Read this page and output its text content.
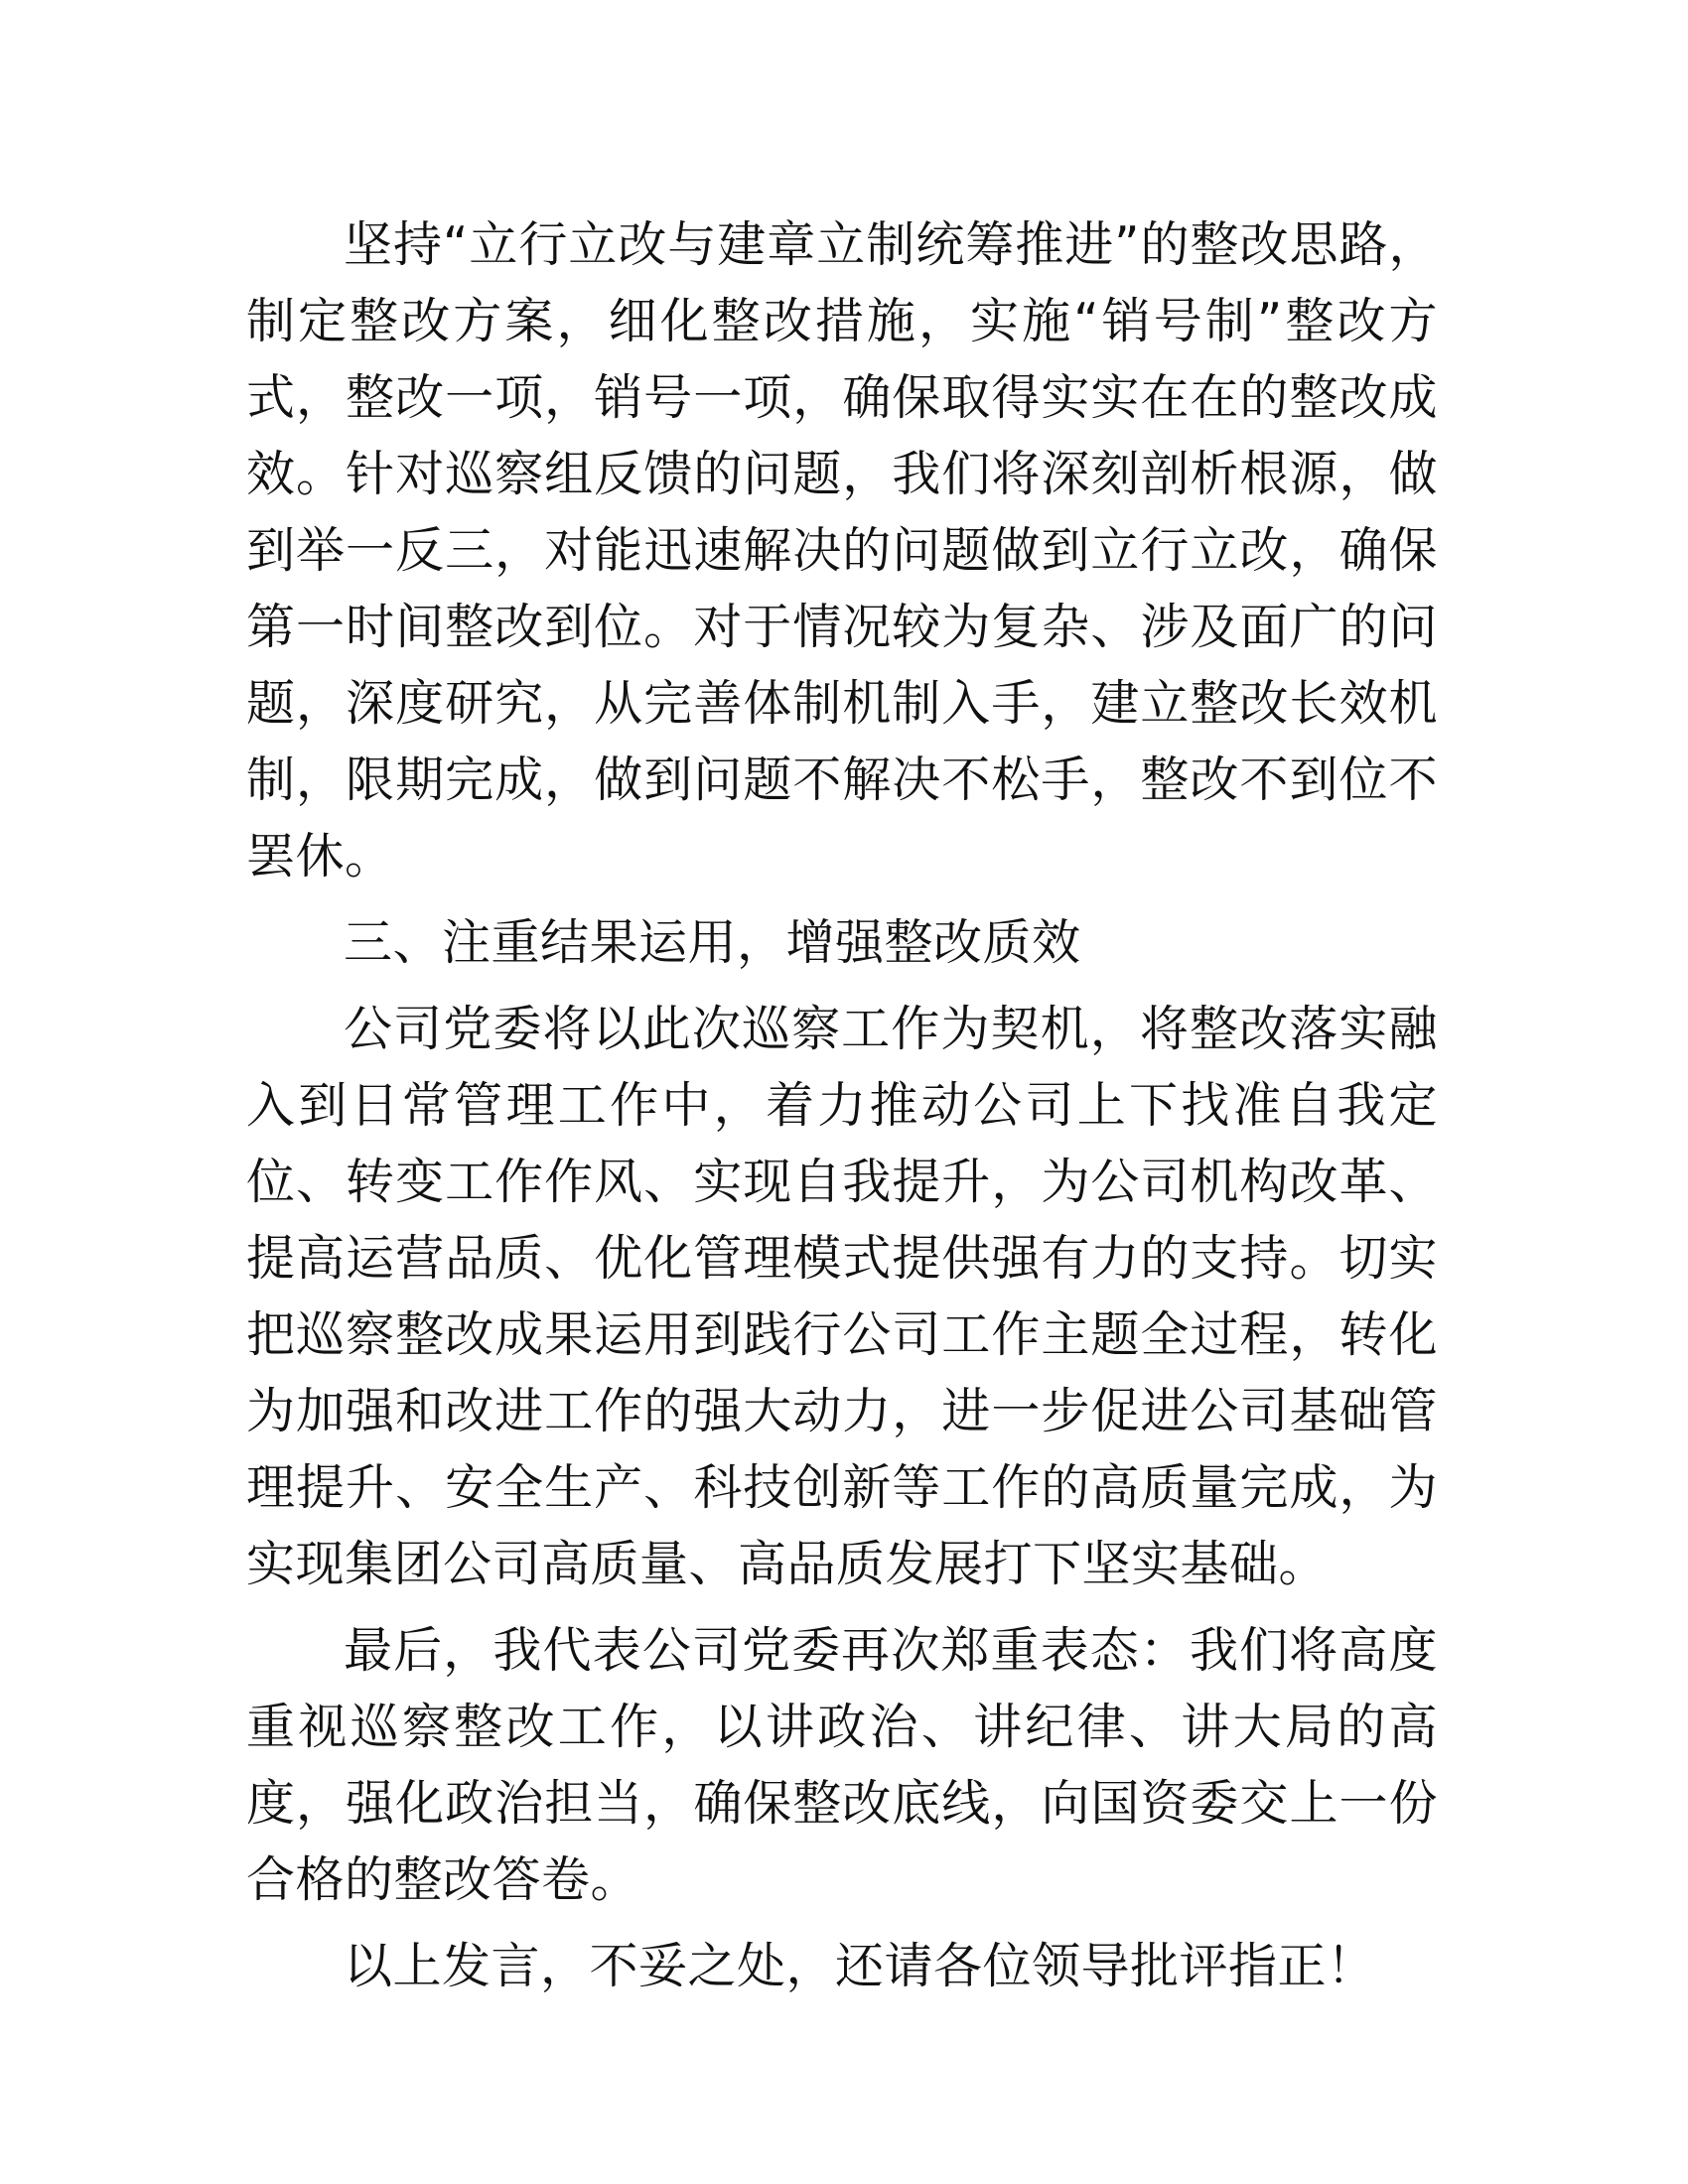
坚持“立行立改与建章立制统筹推进”的整改思路，制定整改方案，细化整改措施，实施“销号制”整改方式，整改一项，销号一项，确保取得实实在在的整改成效。针对巡察组反馈的问题，我们将深刻剖析根源，做到举一反三，对能迅速解决的问题做到立行立改，确保第一时间整改到位。对于情况较为复杂、涉及面广的问题，深度研究，从完善体制机制入手，建立整改长效机制，限期完成，做到问题不解决不松手，整改不到位不罢休。

三、注重结果运用，增强整改质效

公司党委将以此次巡察工作为契机，将整改落实融入到日常管理工作中，着力推动公司上下找准自我定位、转变工作作风、实现自我提升，为公司机构改革、提高运营品质、优化管理模式提供强有力的支持。切实把巡察整改成果运用到践行公司工作主题全过程，转化为加强和改进工作的强大动力，进一步促进公司基础管理提升、安全生产、科技创新等工作的高质量完成，为实现集团公司高质量、高品质发展打下坚实基础。

最后，我代表公司党委再次郑重表态：我们将高度重视巡察整改工作，以讲政治、讲纪律、讲大局的高度，强化政治担当，确保整改底线，向国资委交上一份合格的整改答卷。

以上发言，不妥之处，还请各位领导批评指正！
